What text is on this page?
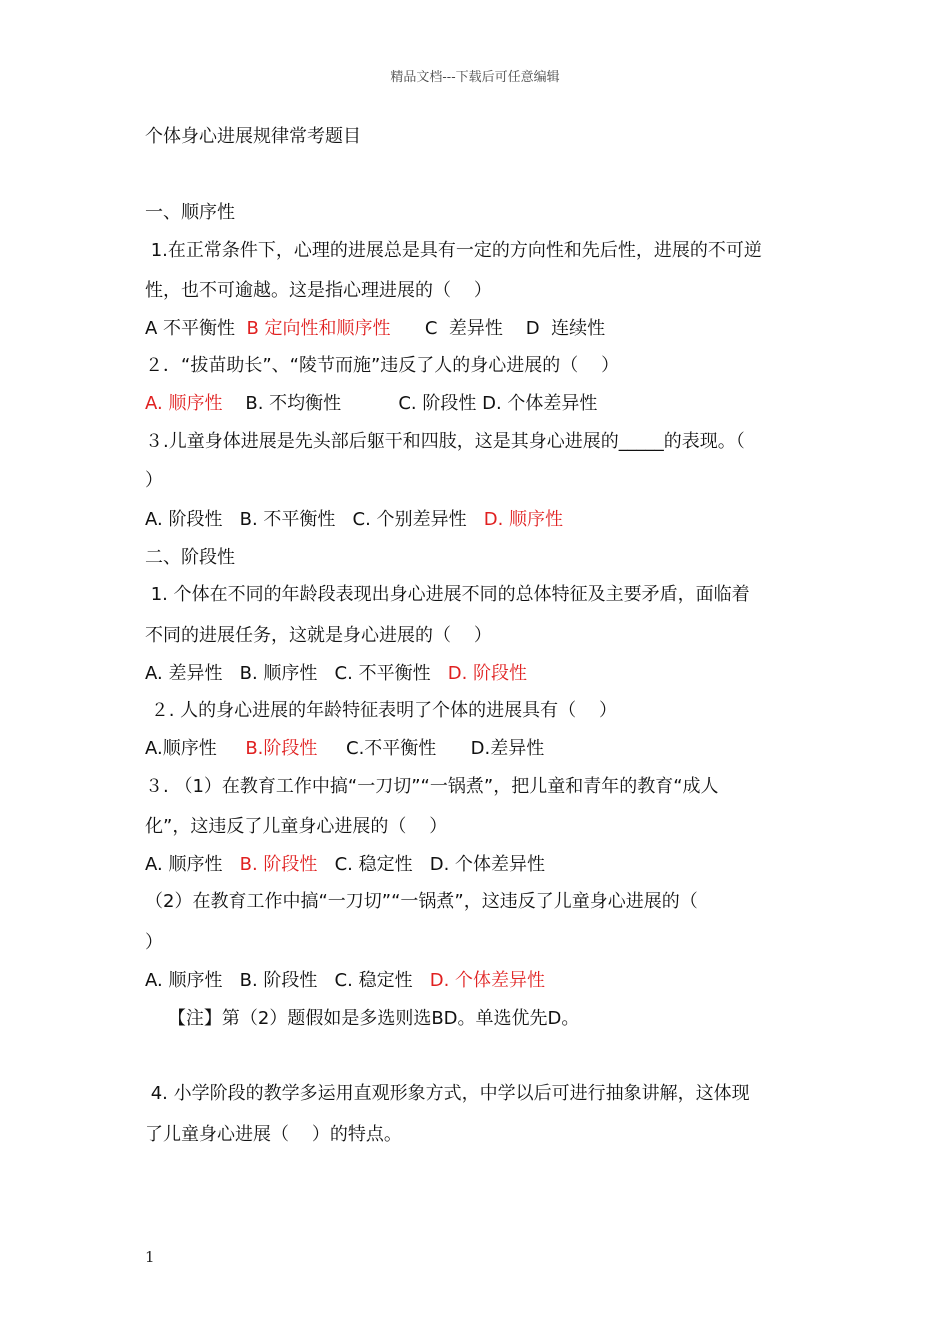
精品文档---下载后可任意编辑
个体身心进展规律常考题目
一、顺序性
1.在正常条件下，心理的进展总是具有一定的方向性和先后性，进展的不可逆
性，也不可逾越。这是指心理进展的（    ）
A 不平衡性  B 定向性和顺序性      C  差异性    D  连续性
２．“拔苗助长”、“陵节而施”违反了人的身心进展的（    ）
A. 顺序性    B. 不均衡性          C. 阶段性 D. 个体差异性
３.儿童身体进展是先头部后躯干和四肢，这是其身心进展的_____的表现。（
）
A. 阶段性   B. 不平衡性   C. 个别差异性   D. 顺序性
二、阶段性
1. 个体在不同的年龄段表现出身心进展不同的总体特征及主要矛盾，面临着
不同的进展任务，这就是身心进展的（    ）
A. 差异性   B. 顺序性   C. 不平衡性   D. 阶段性
２. 人的身心进展的年龄特征表明了个体的进展具有（    ）
A.顺序性     B.阶段性     C.不平衡性      D.差异性
３. （1）在教育工作中搞“一刀切”“一锅煮”，把儿童和青年的教育“成人
化”，这违反了儿童身心进展的（    ）
A. 顺序性   B. 阶段性   C. 稳定性   D. 个体差异性
（2）在教育工作中搞“一刀切”“一锅煮”，这违反了儿童身心进展的（
）
A. 顺序性   B. 阶段性   C. 稳定性   D. 个体差异性
【注】第（2）题假如是多选则选BD。单选优先D。
4. 小学阶段的教学多运用直观形象方式，中学以后可进行抽象讲解，这体现
了儿童身心进展（    ）的特点。
1
